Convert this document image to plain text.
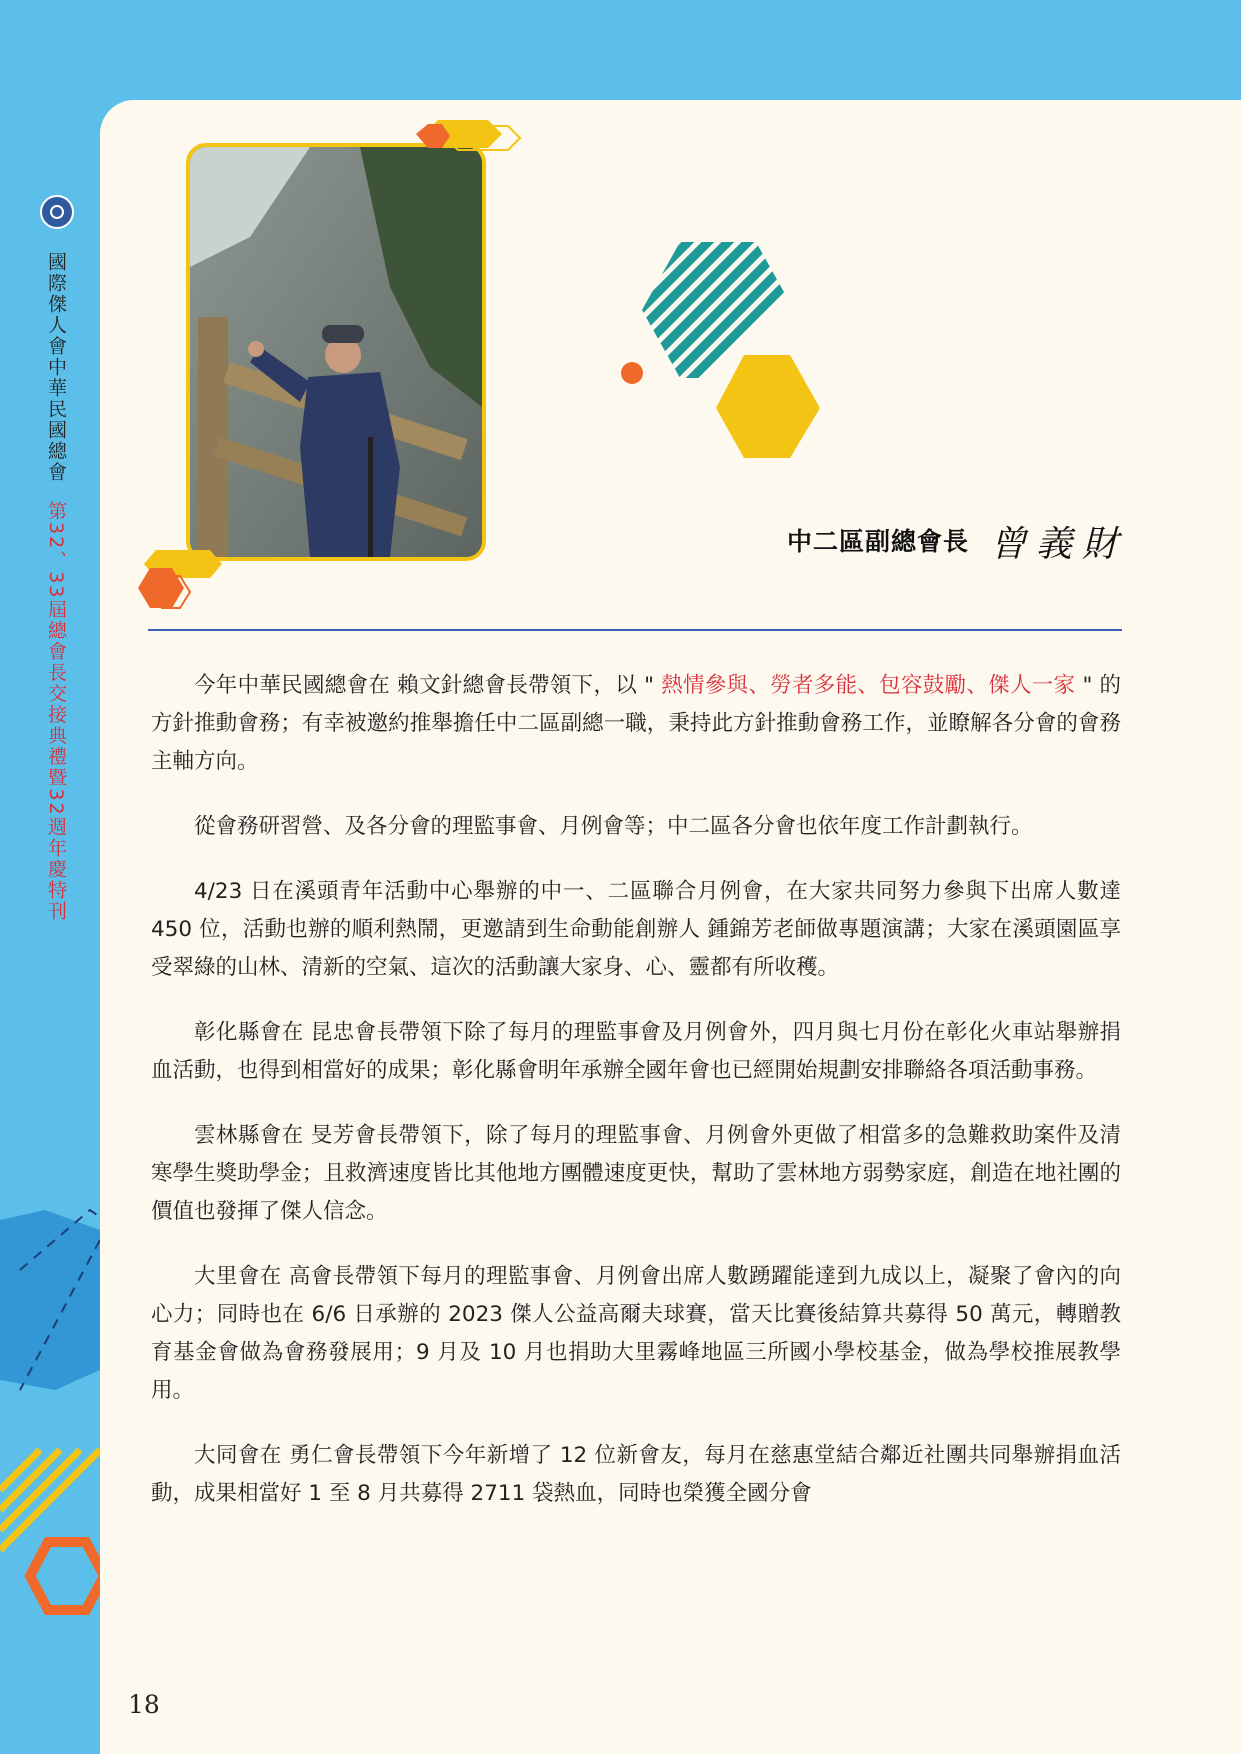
國際傑人會中華民國總會第32、33屆總會長交接典禮暨32週年慶特刊
中二區副總會長 曾義財

今年中華民國總會在 賴文針總會長帶領下，以 " 熱情參與、勞者多能、包容鼓勵、傑人一家 " 的方針推動會務；有幸被邀約推舉擔任中二區副總一職，秉持此方針推動會務工作，並瞭解各分會的會務主軸方向。

從會務研習營、及各分會的理監事會、月例會等；中二區各分會也依年度工作計劃執行。

4/23 日在溪頭青年活動中心舉辦的中一、二區聯合月例會，在大家共同努力參與下出席人數達 450 位，活動也辦的順利熱鬧，更邀請到生命動能創辦人 鍾錦芳老師做專題演講；大家在溪頭園區享受翠綠的山林、清新的空氣、這次的活動讓大家身、心、靈都有所收穫。

彰化縣會在 昆忠會長帶領下除了每月的理監事會及月例會外，四月與七月份在彰化火車站舉辦捐血活動，也得到相當好的成果；彰化縣會明年承辦全國年會也已經開始規劃安排聯絡各項活動事務。

雲林縣會在 旻芳會長帶領下，除了每月的理監事會、月例會外更做了相當多的急難救助案件及清寒學生獎助學金；且救濟速度皆比其他地方團體速度更快，幫助了雲林地方弱勢家庭，創造在地社團的價值也發揮了傑人信念。

大里會在 高會長帶領下每月的理監事會、月例會出席人數踴躍能達到九成以上，凝聚了會內的向心力；同時也在 6/6 日承辦的 2023 傑人公益高爾夫球賽，當天比賽後結算共募得 50 萬元，轉贈教育基金會做為會務發展用；9 月及 10 月也捐助大里霧峰地區三所國小學校基金，做為學校推展教學用。

大同會在 勇仁會長帶領下今年新增了 12 位新會友，每月在慈惠堂結合鄰近社團共同舉辦捐血活動，成果相當好 1 至 8 月共募得 2711 袋熱血，同時也榮獲全國分會

18
